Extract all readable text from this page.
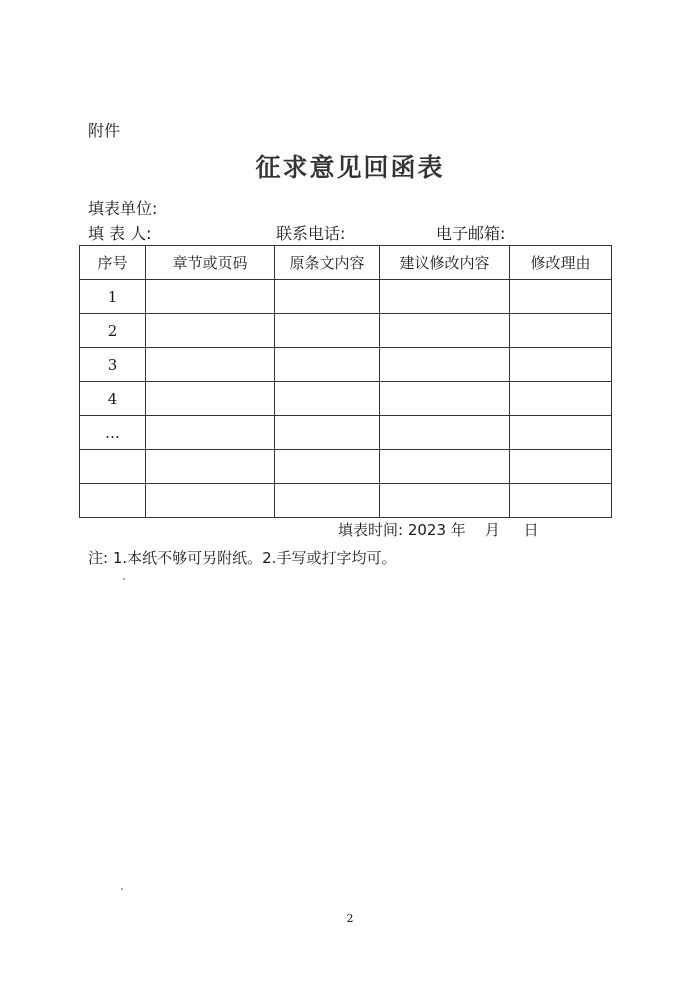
附件
征求意见回函表
填表单位:
填 表 人:	联系电话:	电子邮箱:
序号	章节或页码	原条文内容	建议修改内容	修改理由
1				
2				
3				
4				
…				

填表时间: 2023 年    月     日
注: 1.本纸不够可另附纸。2.手写或打字均可。
2
